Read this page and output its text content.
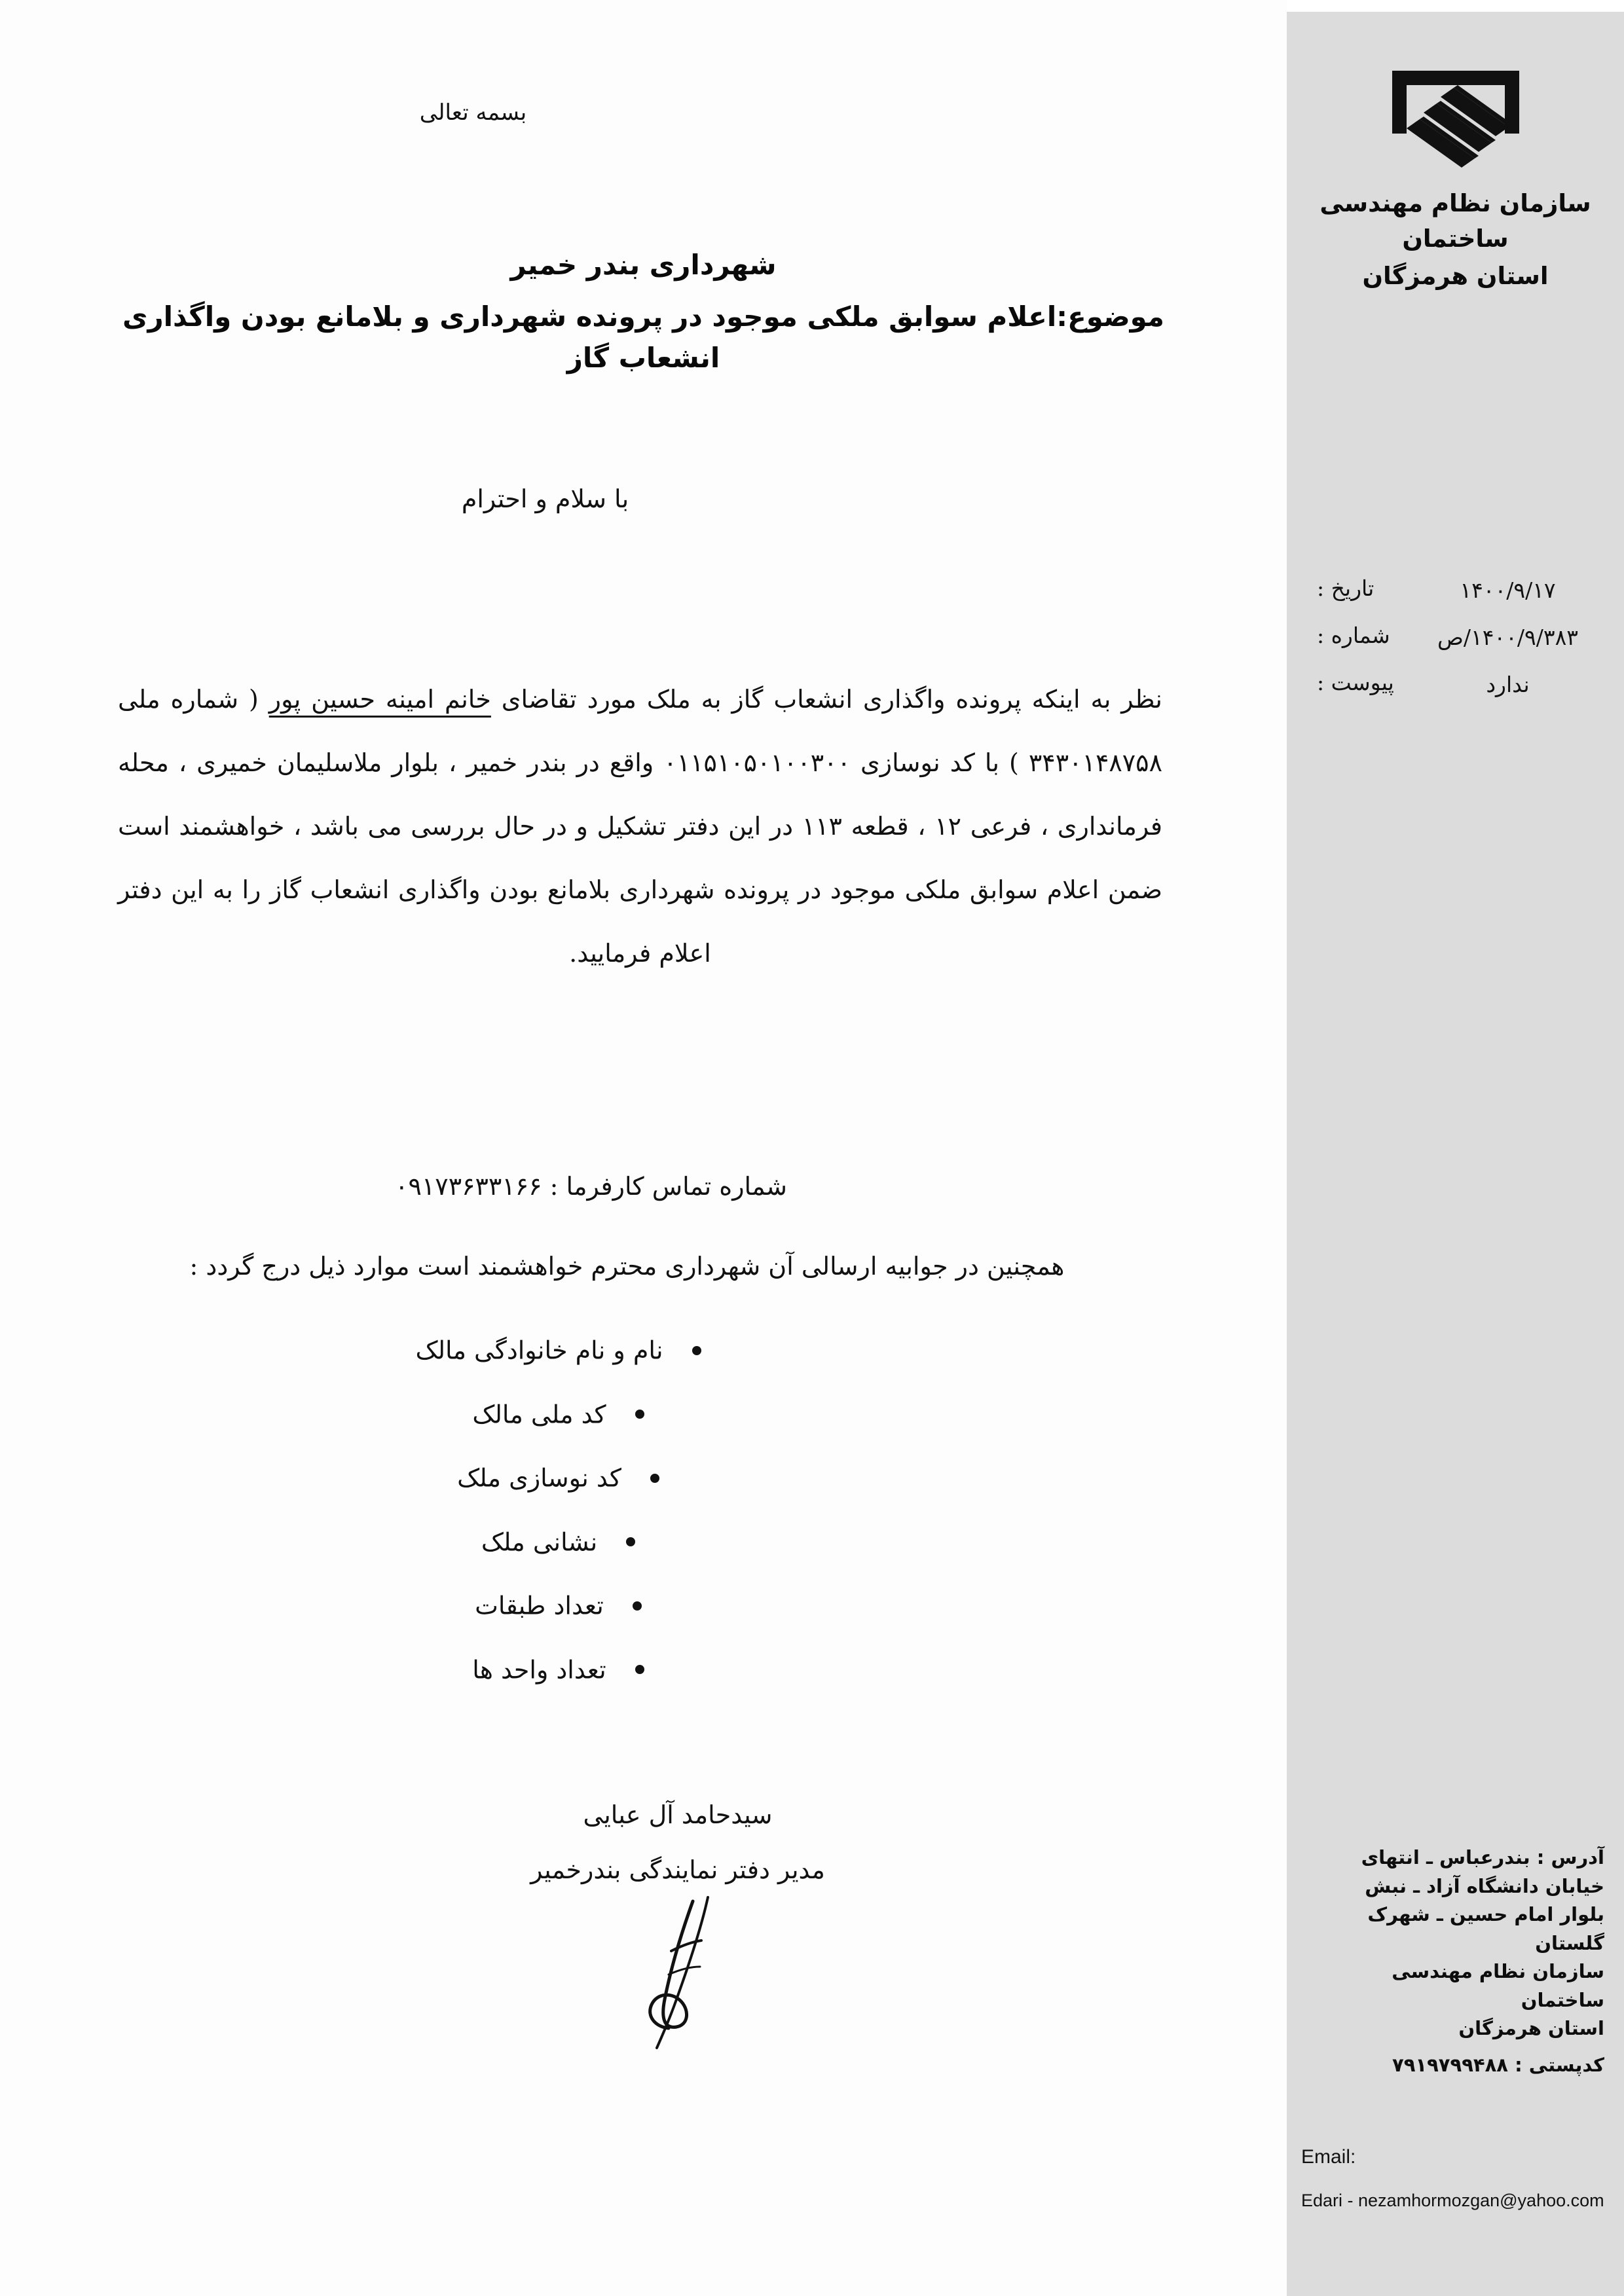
بسمه تعالی
شهرداری بندر خمیر
موضوع:اعلام سوابق ملکی موجود در پرونده شهرداری و بلامانع بودن واگذاری انشعاب گاز
با سلام و احترام

نظر به اینکه پرونده واگذاری انشعاب گاز به ملک مورد تقاضای خانم امینه حسین پور ( شماره ملی ۳۴۳۰۱۴۸۷۵۸ ) با کد نوسازی ۰۱۱۵۱۰۵۰۱۰۰۳۰۰ واقع در بندر خمیر ، بلوار ملاسلیمان خمیری ، محله فرمانداری ، فرعی ۱۲ ، قطعه ۱۱۳ در این دفتر تشکیل و در حال بررسی می باشد ، خواهشمند است ضمن اعلام سوابق ملکی موجود در پرونده شهرداری بلامانع بودن واگذاری انشعاب گاز را به این دفتر اعلام فرمایید.

شماره تماس کارفرما : ۰۹۱۷۳۶۳۳۱۶۶
همچنین در جوابیه ارسالی آن شهرداری محترم خواهشمند است موارد ذیل درج گردد :
نام و نام خانوادگی مالک
کد ملی مالک
کد نوسازی ملک
نشانی ملک
تعداد طبقات
تعداد واحد ها

سیدحامد آل عبایی

مدیر دفتر نمایندگی بندرخمیر

سازمان نظام مهندسی ساختمان

استان هرمزگان

۱۴۰۰/۹/۱۷
تاریخ :
۱۴۰۰/۹/۳۸۳/ص
شماره :
ندارد
پیوست :

آدرس : بندرعباس ـ انتهای

خیابان دانشگاه آزاد ـ نبش

بلوار امام حسین ـ شهرک

گلستان

سازمان نظام مهندسی ساختمان

استان هرمزگان

کدپستی : ۷۹۱۹۷۹۹۴۸۸

Email:

Edari - nezamhormozgan@yahoo.com
